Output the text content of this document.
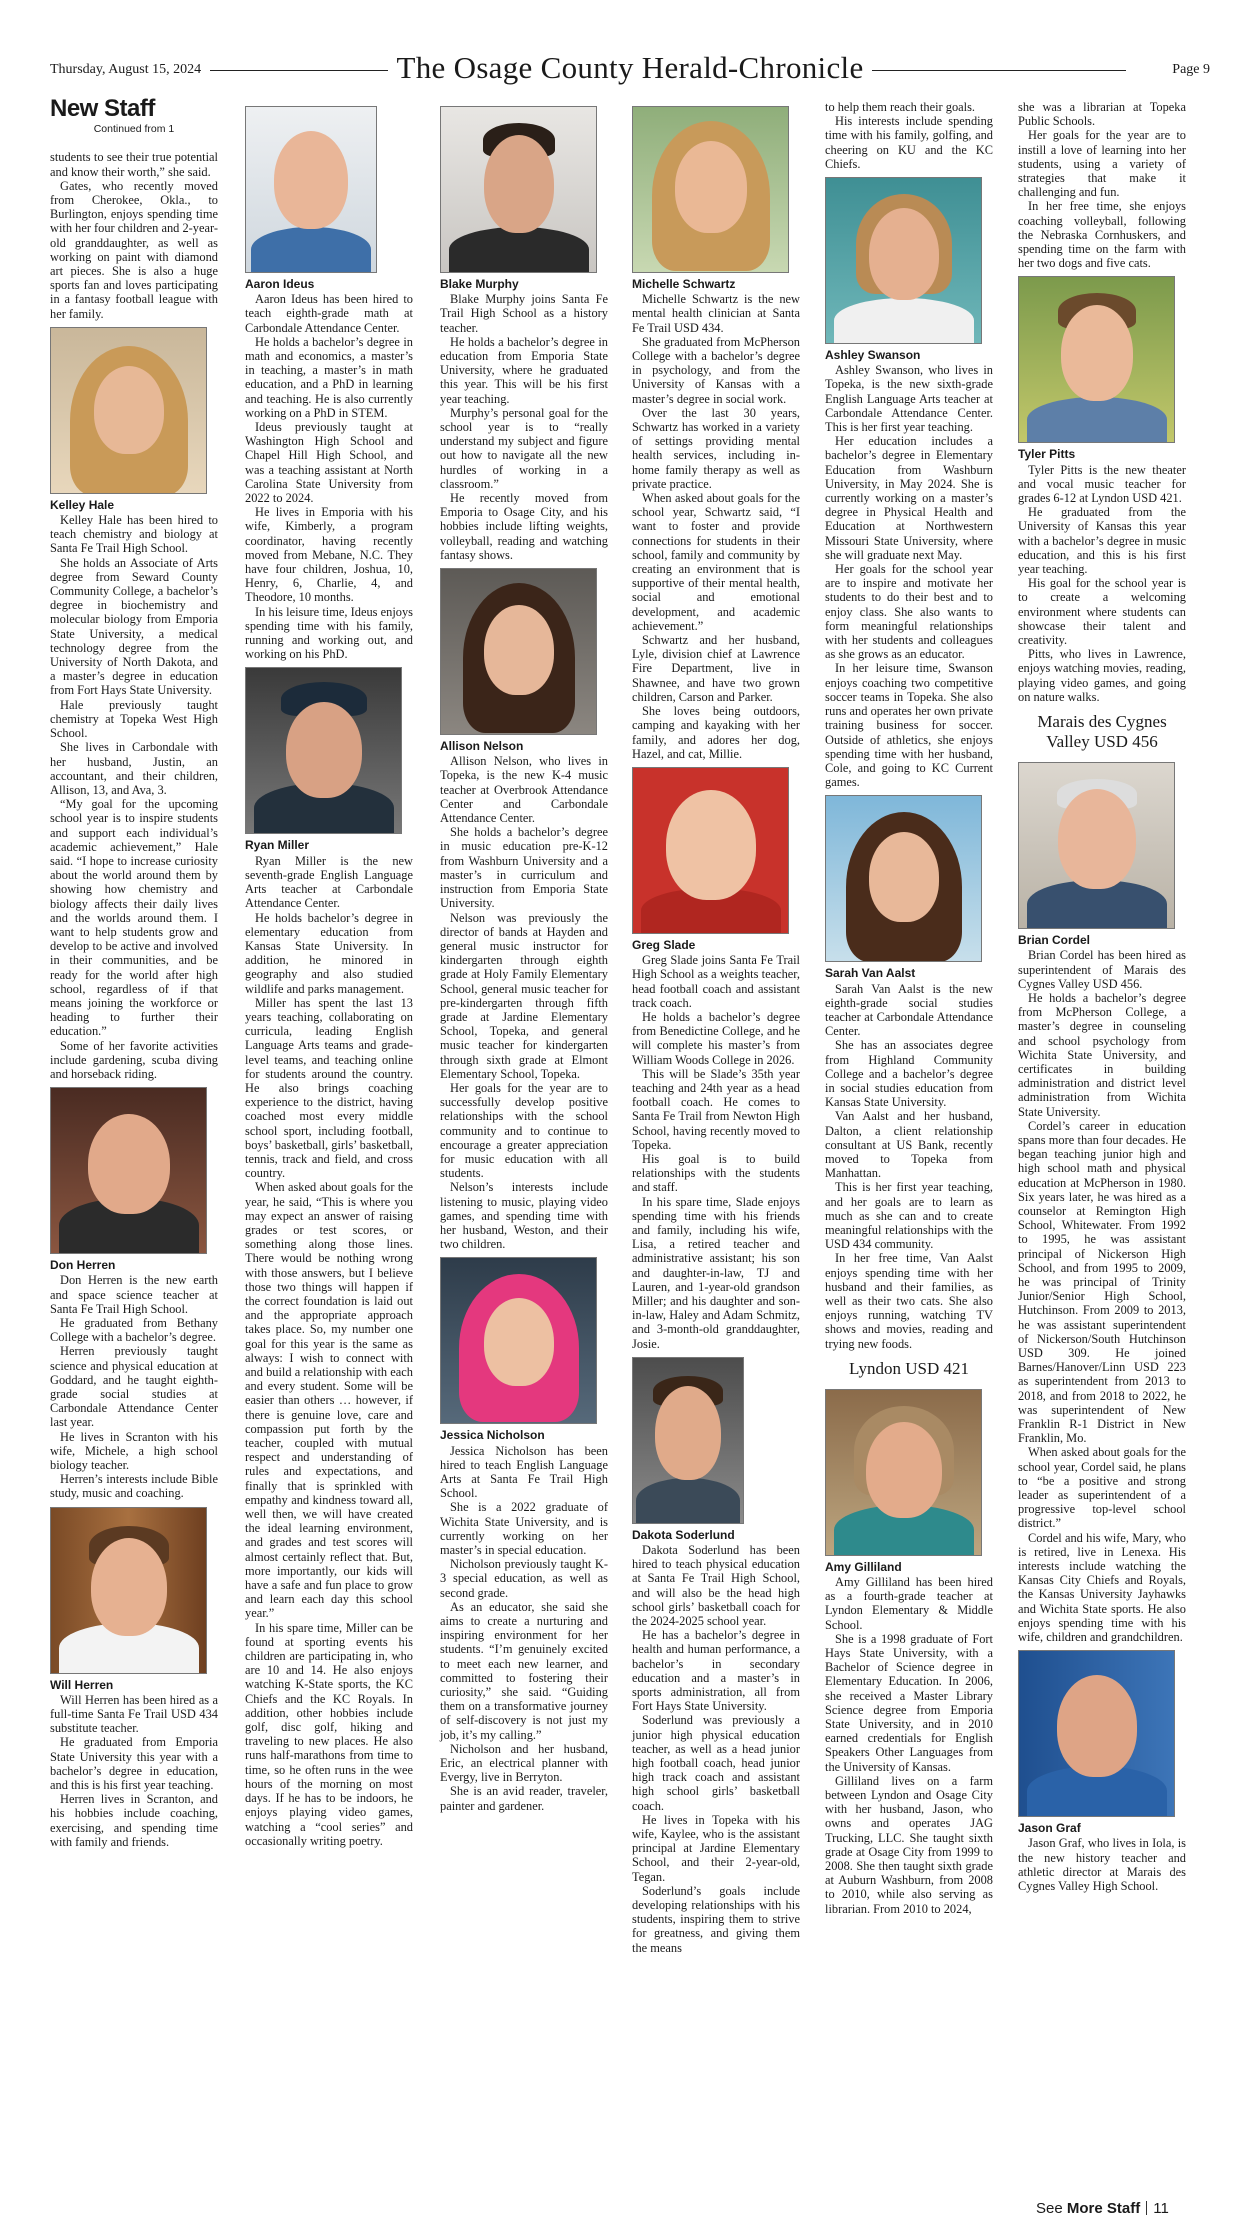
Thursday, August 15, 2024	The Osage County Herald-Chronicle	Page 9
New Staff
Continued from 1

students to see their true potential and know their worth,” she said.

Gates, who recently moved from Cherokee, Okla., to Burlington, enjoys spending time with her four children and 2-year-old granddaughter, as well as working on paint with diamond art pieces. She is also a huge sports fan and loves participating in a fantasy football league with her family.

Kelley Hale

Kelley Hale has been hired to teach chemistry and biology at Santa Fe Trail High School.

She holds an Associate of Arts degree from Seward County Community College, a bachelor’s degree in biochemistry and molecular biology from Emporia State University, a medical technology degree from the University of North Dakota, and a master’s degree in education from Fort Hays State University.

Hale previously taught chemistry at Topeka West High School.

She lives in Carbondale with her husband, Justin, an accountant, and their children, Allison, 13, and Ava, 3.

“My goal for the upcoming school year is to inspire students and support each individual’s academic achievement,” Hale said. “I hope to increase curiosity about the world around them by showing how chemistry and biology affects their daily lives and the worlds around them. I want to help students grow and develop to be active and involved in their communities, and be ready for the world after high school, regardless of if that means joining the workforce or heading to further their education.”

Some of her favorite activities include gardening, scuba diving and horseback riding.

Don Herren

Don Herren is the new earth and space science teacher at Santa Fe Trail High School.

He graduated from Bethany College with a bachelor’s degree.

Herren previously taught science and physical education at Goddard, and he taught eighth-grade social studies at Carbondale Attendance Center last year.

He lives in Scranton with his wife, Michele, a high school biology teacher.

Herren’s interests include Bible study, music and coaching.

Will Herren

Will Herren has been hired as a full-time Santa Fe Trail USD 434 substitute teacher.

He graduated from Emporia State University this year with a bachelor’s degree in education, and this is his first year teaching.

Herren lives in Scranton, and his hobbies include coaching, exercising, and spending time with family and friends.

Aaron Ideus

Aaron Ideus has been hired to teach eighth-grade math at Carbondale Attendance Center.

He holds a bachelor’s degree in math and economics, a master’s in teaching, a master’s in math education, and a PhD in learning and teaching. He is also currently working on a PhD in STEM.

Ideus previously taught at Washington High School and Chapel Hill High School, and was a teaching assistant at North Carolina State University from 2022 to 2024.

He lives in Emporia with his wife, Kimberly, a program coordinator, having recently moved from Mebane, N.C. They have four children, Joshua, 10, Henry, 6, Charlie, 4, and Theodore, 10 months.

In his leisure time, Ideus enjoys spending time with his family, running and working out, and working on his PhD.

Ryan Miller

Ryan Miller is the new seventh-grade English Language Arts teacher at Carbondale Attendance Center.

He holds bachelor’s degree in elementary education from Kansas State University. In addition, he minored in geography and also studied wildlife and parks management.

Miller has spent the last 13 years teaching, collaborating on curricula, leading English Language Arts teams and grade-level teams, and teaching online for students around the country. He also brings coaching experience to the district, having coached most every middle school sport, including football, boys’ basketball, girls’ basketball, tennis, track and field, and cross country.

When asked about goals for the year, he said, “This is where you may expect an answer of raising grades or test scores, or something along those lines. There would be nothing wrong with those answers, but I believe those two things will happen if the correct foundation is laid out and the appropriate approach takes place. So, my number one goal for this year is the same as always: I wish to connect with and build a relationship with each and every student. Some will be easier than others … however, if there is genuine love, care and compassion put forth by the teacher, coupled with mutual respect and understanding of rules and expectations, and finally that is sprinkled with empathy and kindness toward all, well then, we will have created the ideal learning environment, and grades and test scores will almost certainly reflect that. But, more importantly, our kids will have a safe and fun place to grow and learn each day this school year.”

In his spare time, Miller can be found at sporting events his children are participating in, who are 10 and 14. He also enjoys watching K-State sports, the KC Chiefs and the KC Royals. In addition, other hobbies include golf, disc golf, hiking and traveling to new places. He also runs half-marathons from time to time, so he often runs in the wee hours of the morning on most days. If he has to be indoors, he enjoys playing video games, watching a “cool series” and occasionally writing poetry.

Blake Murphy

Blake Murphy joins Santa Fe Trail High School as a history teacher.

He holds a bachelor’s degree in education from Emporia State University, where he graduated this year. This will be his first year teaching.

Murphy’s personal goal for the school year is to “really understand my subject and figure out how to navigate all the new hurdles of working in a classroom.”

He recently moved from Emporia to Osage City, and his hobbies include lifting weights, volleyball, reading and watching fantasy shows.

Allison Nelson

Allison Nelson, who lives in Topeka, is the new K-4 music teacher at Overbrook Attendance Center and Carbondale Attendance Center.

She holds a bachelor’s degree in music education pre-K-12 from Washburn University and a master’s in curriculum and instruction from Emporia State University.

Nelson was previously the director of bands at Hayden and general music instructor for kindergarten through eighth grade at Holy Family Elementary School, general music teacher for pre-kindergarten through fifth grade at Jardine Elementary School, Topeka, and general music teacher for kindergarten through sixth grade at Elmont Elementary School, Topeka.

Her goals for the year are to successfully develop positive relationships with the school community and to continue to encourage a greater appreciation for music education with all students.

Nelson’s interests include listening to music, playing video games, and spending time with her husband, Weston, and their two children.

Jessica Nicholson

Jessica Nicholson has been hired to teach English Language Arts at Santa Fe Trail High School.

She is a 2022 graduate of Wichita State University, and is currently working on her master’s in special education.

Nicholson previously taught K-3 special education, as well as second grade.

As an educator, she said she aims to create a nurturing and inspiring environment for her students. “I’m genuinely excited to meet each new learner, and committed to fostering their curiosity,” she said. “Guiding them on a transformative journey of self-discovery is not just my job, it’s my calling.”

Nicholson and her husband, Eric, an electrical planner with Evergy, live in Berryton.

She is an avid reader, traveler, painter and gardener.

Michelle Schwartz

Michelle Schwartz is the new mental health clinician at Santa Fe Trail USD 434.

She graduated from McPherson College with a bachelor’s degree in psychology, and from the University of Kansas with a master’s degree in social work.

Over the last 30 years, Schwartz has worked in a variety of settings providing mental health services, including in-home family therapy as well as private practice.

When asked about goals for the school year, Schwartz said, “I want to foster and provide connections for students in their school, family and community by creating an environment that is supportive of their mental health, social and emotional development, and academic achievement.”

Schwartz and her husband, Lyle, division chief at Lawrence Fire Department, live in Shawnee, and have two grown children, Carson and Parker.

She loves being outdoors, camping and kayaking with her family, and adores her dog, Hazel, and cat, Millie.

Greg Slade

Greg Slade joins Santa Fe Trail High School as a weights teacher, head football coach and assistant track coach.

He holds a bachelor’s degree from Benedictine College, and he will complete his master’s from William Woods College in 2026.

This will be Slade’s 35th year teaching and 24th year as a head football coach. He comes to Santa Fe Trail from Newton High School, having recently moved to Topeka.

His goal is to build relationships with the students and staff.

In his spare time, Slade enjoys spending time with his friends and family, including his wife, Lisa, a retired teacher and administrative assistant; his son and daughter-in-law, TJ and Lauren, and 1-year-old grandson Miller; and his daughter and son-in-law, Haley and Adam Schmitz, and 3-month-old granddaughter, Josie.

Dakota Soderlund

Dakota Soderlund has been hired to teach physical education at Santa Fe Trail High School, and will also be the head high school girls’ basketball coach for the 2024-2025 school year.

He has a bachelor’s degree in health and human performance, a bachelor’s in secondary education and a master’s in sports administration, all from Fort Hays State University.

Soderlund was previously a junior high physical education teacher, as well as a head junior high football coach, head junior high track coach and assistant high school girls’ basketball coach.

He lives in Topeka with his wife, Kaylee, who is the assistant principal at Jardine Elementary School, and their 2-year-old, Tegan.

Soderlund’s goals include developing relationships with his students, inspiring them to strive for greatness, and giving them the means

to help them reach their goals.

His interests include spending time with his family, golfing, and cheering on KU and the KC Chiefs.

Ashley Swanson

Ashley Swanson, who lives in Topeka, is the new sixth-grade English Language Arts teacher at Carbondale Attendance Center. This is her first year teaching.

Her education includes a bachelor’s degree in Elementary Education from Washburn University, in May 2024. She is currently working on a master’s degree in Physical Health and Education at Northwestern Missouri State University, where she will graduate next May.

Her goals for the school year are to inspire and motivate her students to do their best and to enjoy class. She also wants to form meaningful relationships with her students and colleagues as she grows as an educator.

In her leisure time, Swanson enjoys coaching two competitive soccer teams in Topeka. She also runs and operates her own private training business for soccer. Outside of athletics, she enjoys spending time with her husband, Cole, and going to KC Current games.

Sarah Van Aalst

Sarah Van Aalst is the new eighth-grade social studies teacher at Carbondale Attendance Center.

She has an associates degree from Highland Community College and a bachelor’s degree in social studies education from Kansas State University.

Van Aalst and her husband, Dalton, a client relationship consultant at US Bank, recently moved to Topeka from Manhattan.

This is her first year teaching, and her goals are to learn as much as she can and to create meaningful relationships with the USD 434 community.

In her free time, Van Aalst enjoys spending time with her husband and their families, as well as their two cats. She also enjoys running, watching TV shows and movies, reading and trying new foods.

Lyndon USD 421
Amy Gilliland

Amy Gilliland has been hired as a fourth-grade teacher at Lyndon Elementary & Middle School.

She is a 1998 graduate of Fort Hays State University, with a Bachelor of Science degree in Elementary Education. In 2006, she received a Master Library Science degree from Emporia State University, and in 2010 earned credentials for English Speakers Other Languages from the University of Kansas.

Gilliland lives on a farm between Lyndon and Osage City with her husband, Jason, who owns and operates JAG Trucking, LLC. She taught sixth grade at Osage City from 1999 to 2008. She then taught sixth grade at Auburn Washburn, from 2008 to 2010, while also serving as librarian. From 2010 to 2024,

she was a librarian at Topeka Public Schools.

Her goals for the year are to instill a love of learning into her students, using a variety of strategies that make it challenging and fun.

In her free time, she enjoys coaching volleyball, following the Nebraska Cornhuskers, and spending time on the farm with her two dogs and five cats.

Tyler Pitts

Tyler Pitts is the new theater and vocal music teacher for grades 6-12 at Lyndon USD 421.

He graduated from the University of Kansas this year with a bachelor’s degree in music education, and this is his first year teaching.

His goal for the school year is to create a welcoming environment where students can showcase their talent and creativity.

Pitts, who lives in Lawrence, enjoys watching movies, reading, playing video games, and going on nature walks.

Marais des Cygnes Valley USD 456
Brian Cordel

Brian Cordel has been hired as superintendent of Marais des Cygnes Valley USD 456.

He holds a bachelor’s degree from McPherson College, a master’s degree in counseling and school psychology from Wichita State University, and certificates in building administration and district level administration from Wichita State University.

Cordel’s career in education spans more than four decades. He began teaching junior high and high school math and physical education at McPherson in 1980. Six years later, he was hired as a counselor at Remington High School, Whitewater. From 1992 to 1995, he was assistant principal of Nickerson High School, and from 1995 to 2009, he was principal of Trinity Junior/Senior High School, Hutchinson. From 2009 to 2013, he was assistant superintendent of Nickerson/South Hutchinson USD 309. He joined Barnes/Hanover/Linn USD 223 as superintendent from 2013 to 2018, and from 2018 to 2022, he was superintendent of New Franklin R-1 District in New Franklin, Mo.

When asked about goals for the school year, Cordel said, he plans to “be a positive and strong leader as superintendent of a progressive top-level school district.”

Cordel and his wife, Mary, who is retired, live in Lenexa. His interests include watching the Kansas City Chiefs and Royals, the Kansas University Jayhawks and Wichita State sports. He also enjoys spending time with his wife, children and grandchildren.

Jason Graf

Jason Graf, who lives in Iola, is the new history teacher and athletic director at Marais des Cygnes Valley High School.

See More Staff 11
